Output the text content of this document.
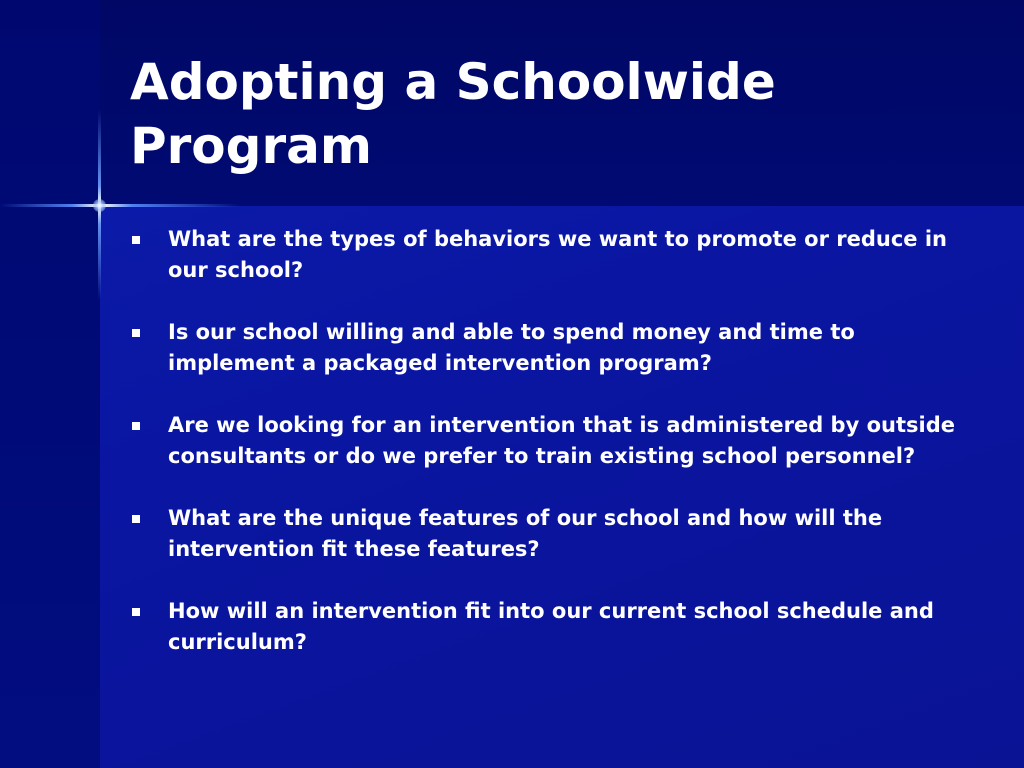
Adopting a Schoolwide Program
What are the types of behaviors we want to promote or reduce in our school?
Is our school willing and able to spend money and time to implement a packaged intervention program?
Are we looking for an intervention that is administered by outside consultants or do we prefer to train existing school personnel?
What are the unique features of our school and how will the intervention fit these features?
How will an intervention fit into our current school schedule and curriculum?
